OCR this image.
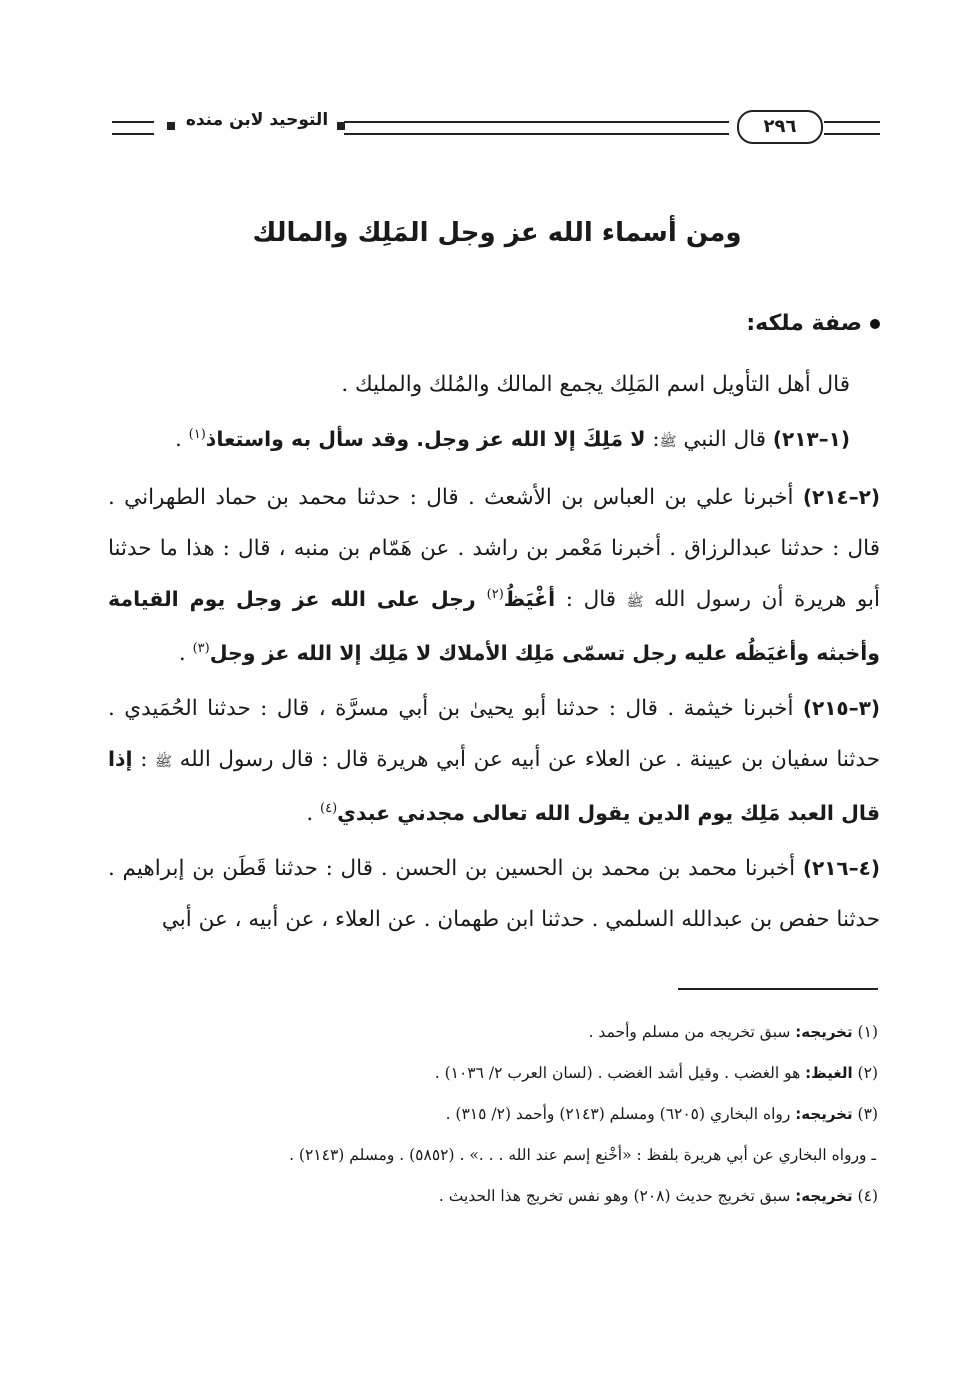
التوحيد لابن منده	٢٩٦
ومن أسماء الله عز وجل المَلِك والمالك

صفة ملكه:

قال أهل التأويل اسم المَلِك يجمع المالك والمُلك والمليك .

(١–٢١٣) قال النبي ﷺ: لا مَلِكَ إلا الله عز وجل. وقد سأل به واستعاذ$^{(١)}$ .

(٢–٢١٤) أخبرنا علي بن العباس بن الأشعث . قال : حدثنا محمد بن حماد الطهراني . قال : حدثنا عبدالرزاق . أخبرنا مَعْمر بن راشد . عن هَمّام بن منبه ، قال : هذا ما حدثنا أبو هريرة أن رسول الله ﷺ قال : أغْيَظُ$^{(٢)}$ رجل على الله عز وجل يوم القيامة وأخبثه وأغيَظُه عليه رجل تسمّى مَلِك الأملاك لا مَلِك إلا الله عز وجل$^{(٣)}$ .

(٣–٢١٥) أخبرنا خيثمة . قال : حدثنا أبو يحيىٰ بن أبي مسرَّة ، قال : حدثنا الحُمَيدي . حدثنا سفيان بن عيينة . عن العلاء عن أبيه عن أبي هريرة قال : قال رسول الله ﷺ : إذا قال العبد مَلِك يوم الدين يقول الله تعالى مجدني عبدي$^{(٤)}$ .

(٤–٢١٦) أخبرنا محمد بن محمد بن الحسين بن الحسن . قال : حدثنا قَطَن بن إبراهيم . حدثنا حفص بن عبدالله السلمي . حدثنا ابن طهمان . عن العلاء ، عن أبيه ، عن أبي

(١) تخريجه: سبق تخريجه من مسلم وأحمد .

(٢) الغيظ: هو الغضب . وقيل أشد الغضب . (لسان العرب ٢/ ١٠٣٦) .

(٣) تخريجه: رواه البخاري (٦٢٠٥) ومسلم (٢١٤٣) وأحمد (٢/ ٣١٥) .

ـ ورواه البخاري عن أبي هريرة بلفظ : «أخْنع إسم عند الله . . .» . (٥٨٥٢) . ومسلم (٢١٤٣) .

(٤) تخريجه: سبق تخريج حديث (٢٠٨) وهو نفس تخريج هذا الحديث .
